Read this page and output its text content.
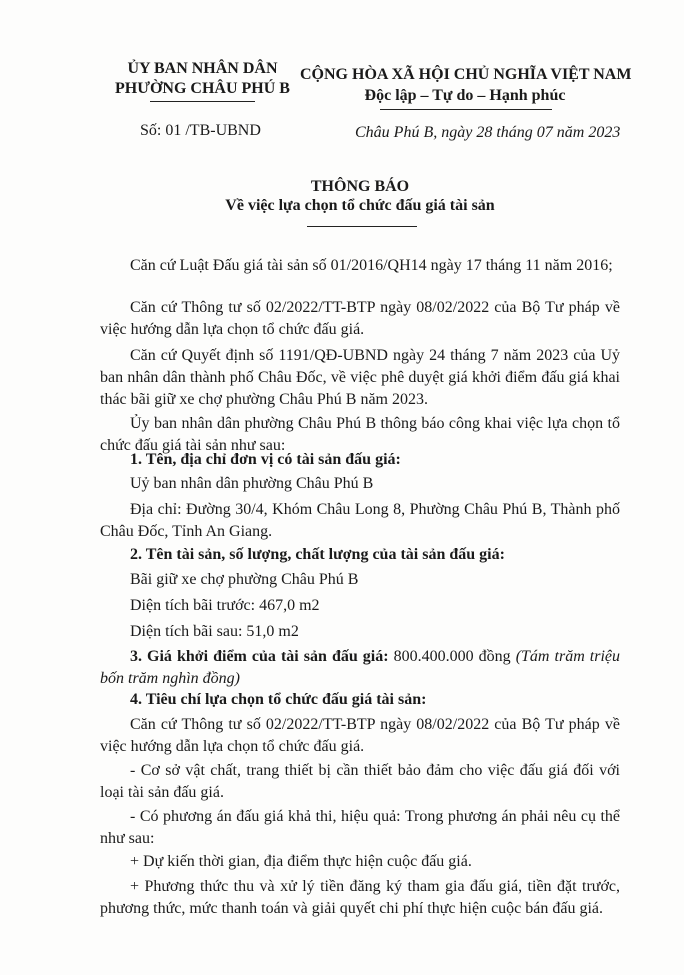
ỦY BAN NHÂN DÂN
PHƯỜNG CHÂU PHÚ B
CỘNG HÒA XÃ HỘI CHỦ NGHĨA VIỆT NAM
Độc lập – Tự do – Hạnh phúc
Số: 01 /TB-UBND	Châu Phú B, ngày 28 tháng 07 năm 2023
THÔNG BÁO
Về việc lựa chọn tổ chức đấu giá tài sản
Căn cứ Luật Đấu giá tài sản số 01/2016/QH14 ngày 17 tháng 11 năm 2016;
Căn cứ Thông tư số 02/2022/TT-BTP ngày 08/02/2022 của Bộ Tư pháp về việc hướng dẫn lựa chọn tổ chức đấu giá.
Căn cứ Quyết định số 1191/QĐ-UBND ngày 24 tháng 7 năm 2023 của Uỷ ban nhân dân thành phố Châu Đốc, về việc phê duyệt giá khởi điểm đấu giá khai thác bãi giữ xe chợ phường Châu Phú B năm 2023.
Ủy ban nhân dân phường Châu Phú B thông báo công khai việc lựa chọn tổ chức đấu giá tài sản như sau:
1. Tên, địa chỉ đơn vị có tài sản đấu giá:
Uỷ ban nhân dân phường Châu Phú B
Địa chỉ: Đường 30/4, Khóm Châu Long 8, Phường Châu Phú B, Thành phố Châu Đốc, Tỉnh An Giang.
2. Tên tài sản, số lượng, chất lượng của tài sản đấu giá:
Bãi giữ xe chợ phường Châu Phú B
Diện tích bãi trước: 467,0 m2
Diện tích bãi sau: 51,0 m2
3. Giá khởi điểm của tài sản đấu giá: 800.400.000 đồng (Tám trăm triệu bốn trăm nghìn đồng)
4. Tiêu chí lựa chọn tổ chức đấu giá tài sản:
Căn cứ Thông tư số 02/2022/TT-BTP ngày 08/02/2022 của Bộ Tư pháp về việc hướng dẫn lựa chọn tổ chức đấu giá.
- Cơ sở vật chất, trang thiết bị cần thiết bảo đảm cho việc đấu giá đối với loại tài sản đấu giá.
- Có phương án đấu giá khả thi, hiệu quả: Trong phương án phải nêu cụ thể như sau:
+ Dự kiến thời gian, địa điểm thực hiện cuộc đấu giá.
+ Phương thức thu và xử lý tiền đăng ký tham gia đấu giá, tiền đặt trước, phương thức, mức thanh toán và giải quyết chi phí thực hiện cuộc bán đấu giá.
